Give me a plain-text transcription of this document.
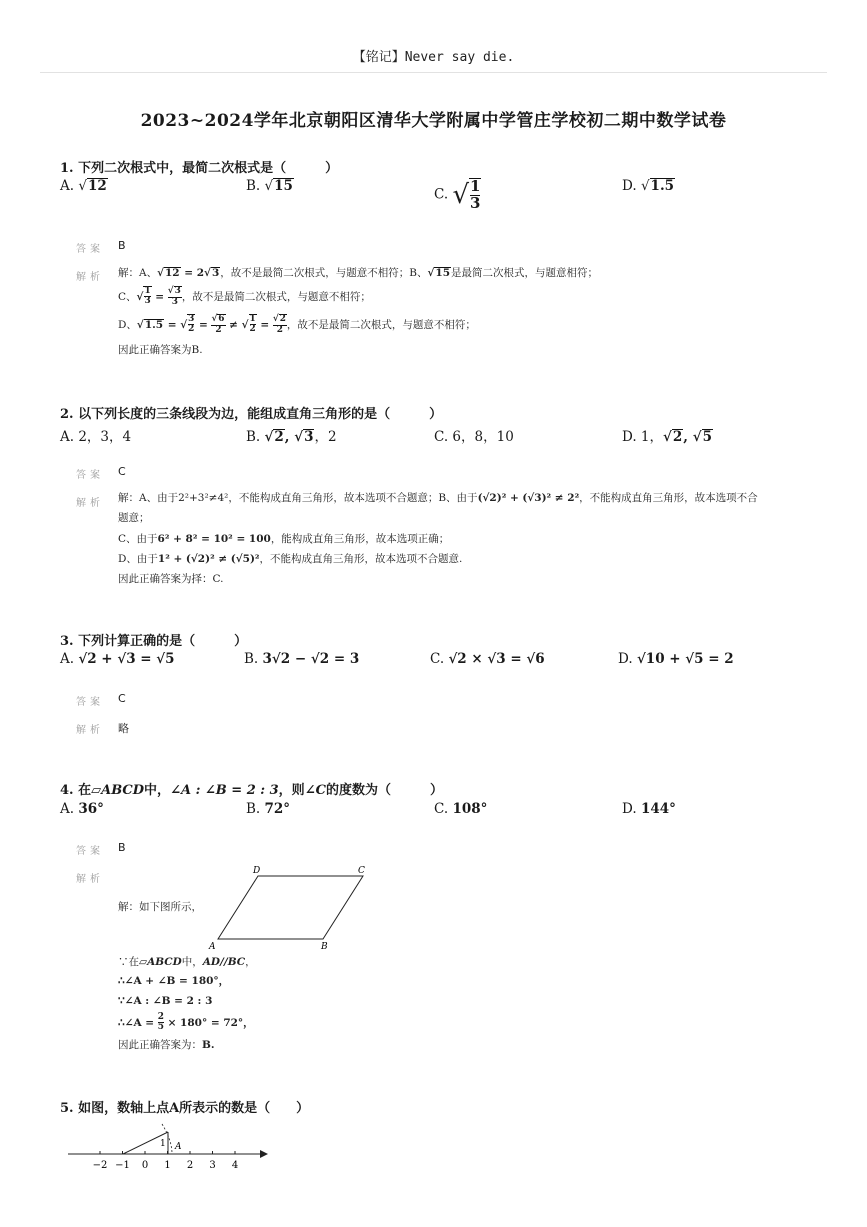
【铭记】Never say die.
2023~2024学年北京朝阳区清华大学附属中学管庄学校初二期中数学试卷
1. 下列二次根式中，最简二次根式是（　　　）
A. √12	B. √15
C. √ $\frac{1}{3}$	D. √1.5
答案 B
解析 解：A、√12 = 2√3，故不是最简二次根式，与题意不相符；B、√15是最简二次根式，与题意相符；
C、√ $\frac{1}{3} = \frac{√3}{3}$ ，故不是最简二次根式，与题意不相符；
D、√1.5 = √ $\frac{3}{2} = \frac{√6}{2}$ ≠ √ $\frac{1}{2} = \frac{√2}{2}$ ，故不是最简二次根式，与题意不相符；
因此正确答案为B.
2. 以下列长度的三条线段为边，能组成直角三角形的是（　　　）
A. 2，3，4	B. √2, √3，2	C. 6，8，10	D. 1，√2, √5
答案 C
解析 解：A、由于2²+3²≠4²，不能构成直角三角形，故本选项不合题意；B、由于(√2)² + (√3)² ≠ 2²，不能构成直角三角形，故本选项不合
题意；
C、由于6² + 8² = 10² = 100，能构成直角三角形，故本选项正确；
D、由于1² + (√2)² ≠ (√5)²，不能构成直角三角形，故本选项不合题意.
因此正确答案为择：C.
3. 下列计算正确的是（　　　）
A. √2 + √3 = √5	B. 3√2 − √2 = 3	C. √2 × √3 = √6	D. √10 + √5 = 2
答案 C
解析 略
4. 在▱ABCD中，∠A : ∠B = 2 : 3，则∠C的度数为（　　　）
A. 36°	B. 72°	C. 108°	D. 144°
答案 B
解析
解：如下图所示，
A	B
C
D
∵在▱ABCD中，AD//BC，
∴∠A + ∠B = 180°，
∵∠A : ∠B = 2 : 3
∴∠A = $\frac{2}{5} \times 180^\circ = 72^\circ$，
因此正确答案为：B.
5. 如图，数轴上点A所表示的数是（　　）
−2 −1 0 1 2 3 4
1 A
